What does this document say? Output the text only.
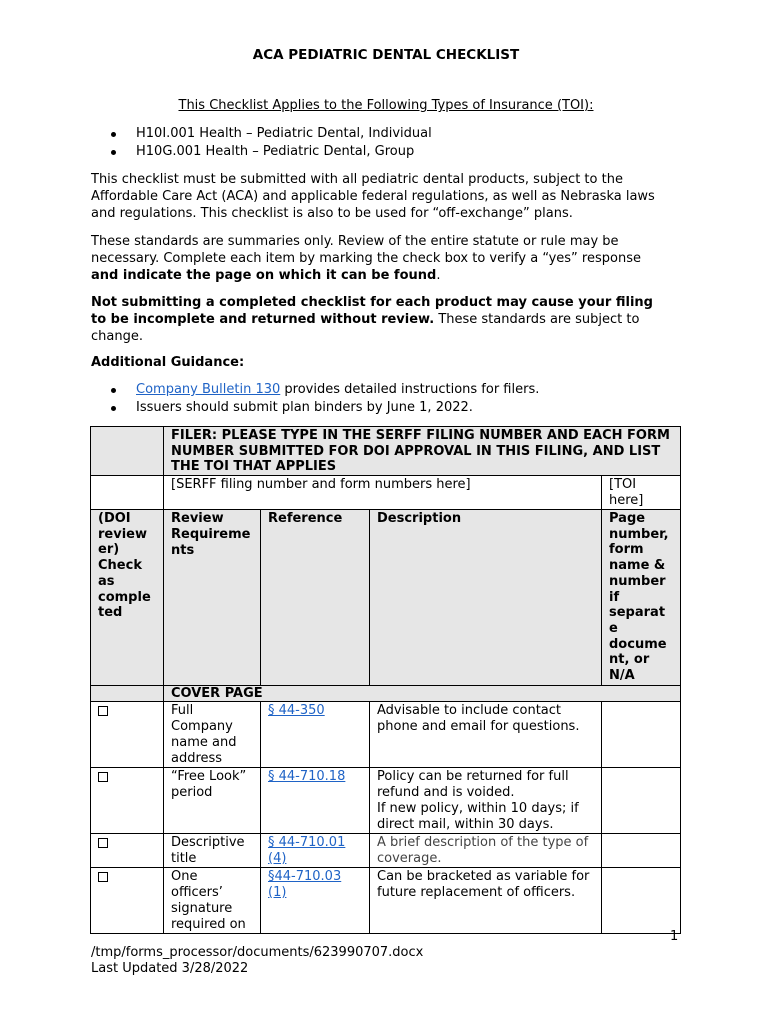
ACA PEDIATRIC DENTAL CHECKLIST
This Checklist Applies to the Following Types of Insurance (TOI):
H10I.001 Health – Pediatric Dental, Individual
H10G.001 Health – Pediatric Dental, Group

This checklist must be submitted with all pediatric dental products, subject to the Affordable Care Act (ACA) and applicable federal regulations, as well as Nebraska laws and regulations. This checklist is also to be used for “off-exchange” plans.

These standards are summaries only. Review of the entire statute or rule may be necessary. Complete each item by marking the check box to verify a “yes” response and indicate the page on which it can be found.

Not submitting a completed checklist for each product may cause your filing to be incomplete and returned without review. These standards are subject to change.

Additional Guidance:
Company Bulletin 130 provides detailed instructions for filers.
Issuers should submit plan binders by June 1, 2022.
	FILER: PLEASE TYPE IN THE SERFF FILING NUMBER AND EACH FORM NUMBER SUBMITTED FOR DOI APPROVAL IN THIS FILING, AND LIST THE TOI THAT APPLIES			
	[SERFF filing number and form numbers here]			[TOI here]
(DOI review er) Check as comple ted	Review Requireme nts	Reference	Description	Page number, form name & number if separat e docume nt, or N/A
	COVER PAGE			
	Full Company name and address	§ 44-350	Advisable to include contact phone and email for questions.	
	“Free Look” period	§ 44-710.18	Policy can be returned for full refund and is voided.
If new policy, within 10 days; if direct mail, within 30 days.	
	Descriptive title	§ 44-710.01 (4)	A brief description of the type of coverage.	
	One officers’ signature required on	§44-710.03 (1)	Can be bracketed as variable for future replacement of officers.	
1
/tmp/forms_processor/documents/623990707.docx
Last Updated 3/28/2022
